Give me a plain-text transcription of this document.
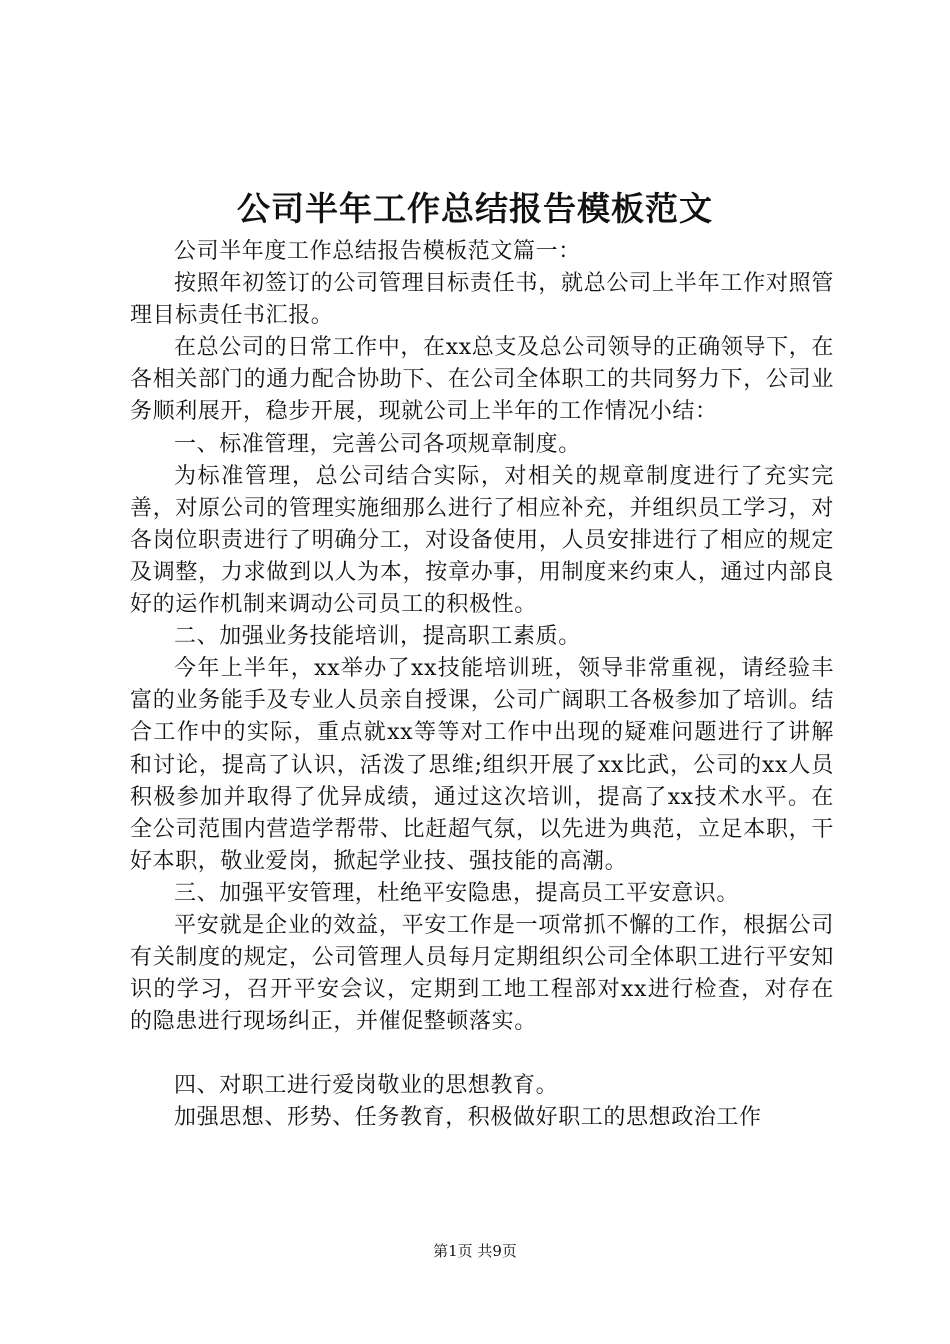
公司半年工作总结报告模板范文

公司半年度工作总结报告模板范文篇一：

按照年初签订的公司管理目标责任书，就总公司上半年工作对照管理目标责任书汇报。

在总公司的日常工作中，在xx总支及总公司领导的正确领导下，在各相关部门的通力配合协助下、在公司全体职工的共同努力下，公司业务顺利展开，稳步开展，现就公司上半年的工作情况小结：

一、标准管理，完善公司各项规章制度。

为标准管理，总公司结合实际，对相关的规章制度进行了充实完善，对原公司的管理实施细那么进行了相应补充，并组织员工学习，对各岗位职责进行了明确分工，对设备使用，人员安排进行了相应的规定及调整，力求做到以人为本，按章办事，用制度来约束人，通过内部良好的运作机制来调动公司员工的积极性。

二、加强业务技能培训，提高职工素质。

今年上半年，xx举办了xx技能培训班，领导非常重视，请经验丰富的业务能手及专业人员亲自授课，公司广阔职工各极参加了培训。结合工作中的实际，重点就xx等等对工作中出现的疑难问题进行了讲解和讨论，提高了认识，活泼了思维;组织开展了xx比武，公司的xx人员积极参加并取得了优异成绩，通过这次培训，提高了xx技术水平。在全公司范围内营造学帮带、比赶超气氛，以先进为典范，立足本职，干好本职，敬业爱岗，掀起学业技、强技能的高潮。

三、加强平安管理，杜绝平安隐患，提高员工平安意识。

平安就是企业的效益，平安工作是一项常抓不懈的工作，根据公司有关制度的规定，公司管理人员每月定期组织公司全体职工进行平安知识的学习，召开平安会议，定期到工地工程部对xx进行检查，对存在的隐患进行现场纠正，并催促整顿落实。

四、对职工进行爱岗敬业的思想教育。

加强思想、形势、任务教育，积极做好职工的思想政治工作

第1页 共9页
